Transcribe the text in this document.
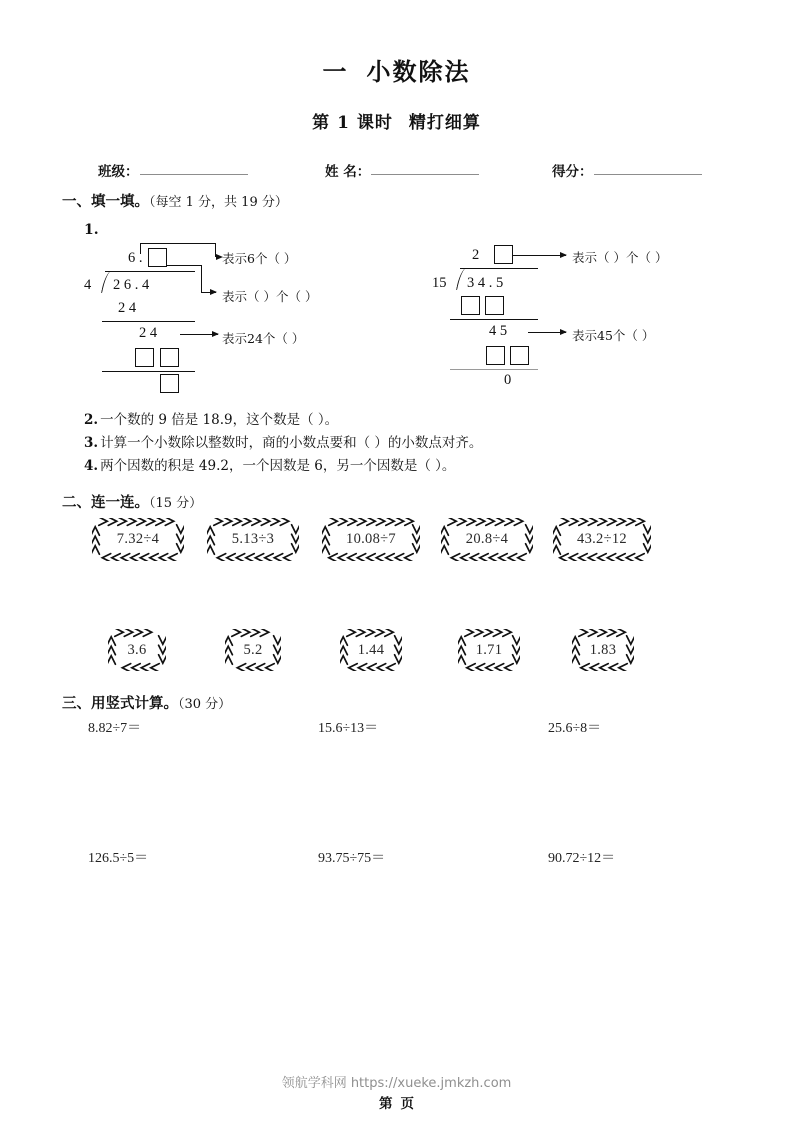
一 小数除法
第 1 课时 精打细算
班级：	姓 名：	得分：
一、填一填。（每空 1 分，共 19 分）
1.
6 .
4 2 6 . 4
2 4
2 4
表示6个（ ）
表示（ ）个（ ）
表示24个（ ）
2
15 3 4 . 5
4 5
0
表示（ ）个（ ）
表示45个（ ）
2. 一个数的 9 倍是 18.9，这个数是（ ）。
3. 计算一个小数除以整数时，商的小数点要和（ ）的小数点对齐。
4. 两个因数的积是 49.2，一个因数是 6，另一个因数是（ ）。
二、连一连。（15 分）
7.32÷4	5.13÷3	10.08÷7	20.8÷4	43.2÷12
3.6	5.2	1.44	1.71	1.83
三、用竖式计算。（30 分）
8.82÷7＝	15.6÷13＝	25.6÷8＝
126.5÷5＝	93.75÷75＝	90.72÷12＝
领航学科网 https://xueke.jmkzh.com
第 页
